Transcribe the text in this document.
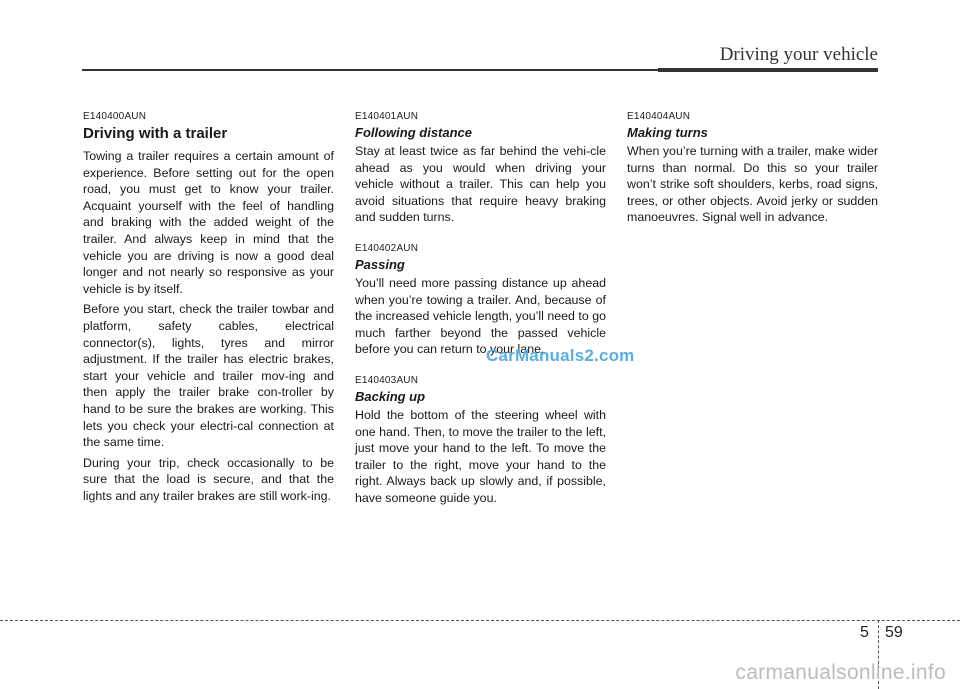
Driving your vehicle
E140400AUN
Driving with a trailer

Towing a trailer requires a certain amount of experience. Before setting out for the open road, you must get to know your trailer. Acquaint yourself with the feel of handling and braking with the added weight of the trailer. And always keep in mind that the vehicle you are driving is now a good deal longer and not nearly so responsive as your vehicle is by itself.

Before you start, check the trailer towbar and platform, safety cables, electrical connector(s), lights, tyres and mirror adjustment. If the trailer has electric brakes, start your vehicle and trailer mov-ing and then apply the trailer brake con-troller by hand to be sure the brakes are working. This lets you check your electri-cal connection at the same time.

During your trip, check occasionally to be sure that the load is secure, and that the lights and any trailer brakes are still work-ing.

E140401AUN
Following distance

Stay at least twice as far behind the vehi-cle ahead as you would when driving your vehicle without a trailer. This can help you avoid situations that require heavy braking and sudden turns.

E140402AUN
Passing

You’ll need more passing distance up ahead when you’re towing a trailer. And, because of the increased vehicle length, you’ll need to go much farther beyond the passed vehicle before you can return to your lane.

E140403AUN
Backing up

Hold the bottom of the steering wheel with one hand. Then, to move the trailer to the left, just move your hand to the left. To move the trailer to the right, move your hand to the right. Always back up slowly and, if possible, have someone guide you.

E140404AUN
Making turns

When you’re turning with a trailer, make wider turns than normal. Do this so your trailer won’t strike soft shoulders, kerbs, road signs, trees, or other objects. Avoid jerky or sudden manoeuvres. Signal well in advance.

CarManuals2.com
5 59
carmanualsonline.info
